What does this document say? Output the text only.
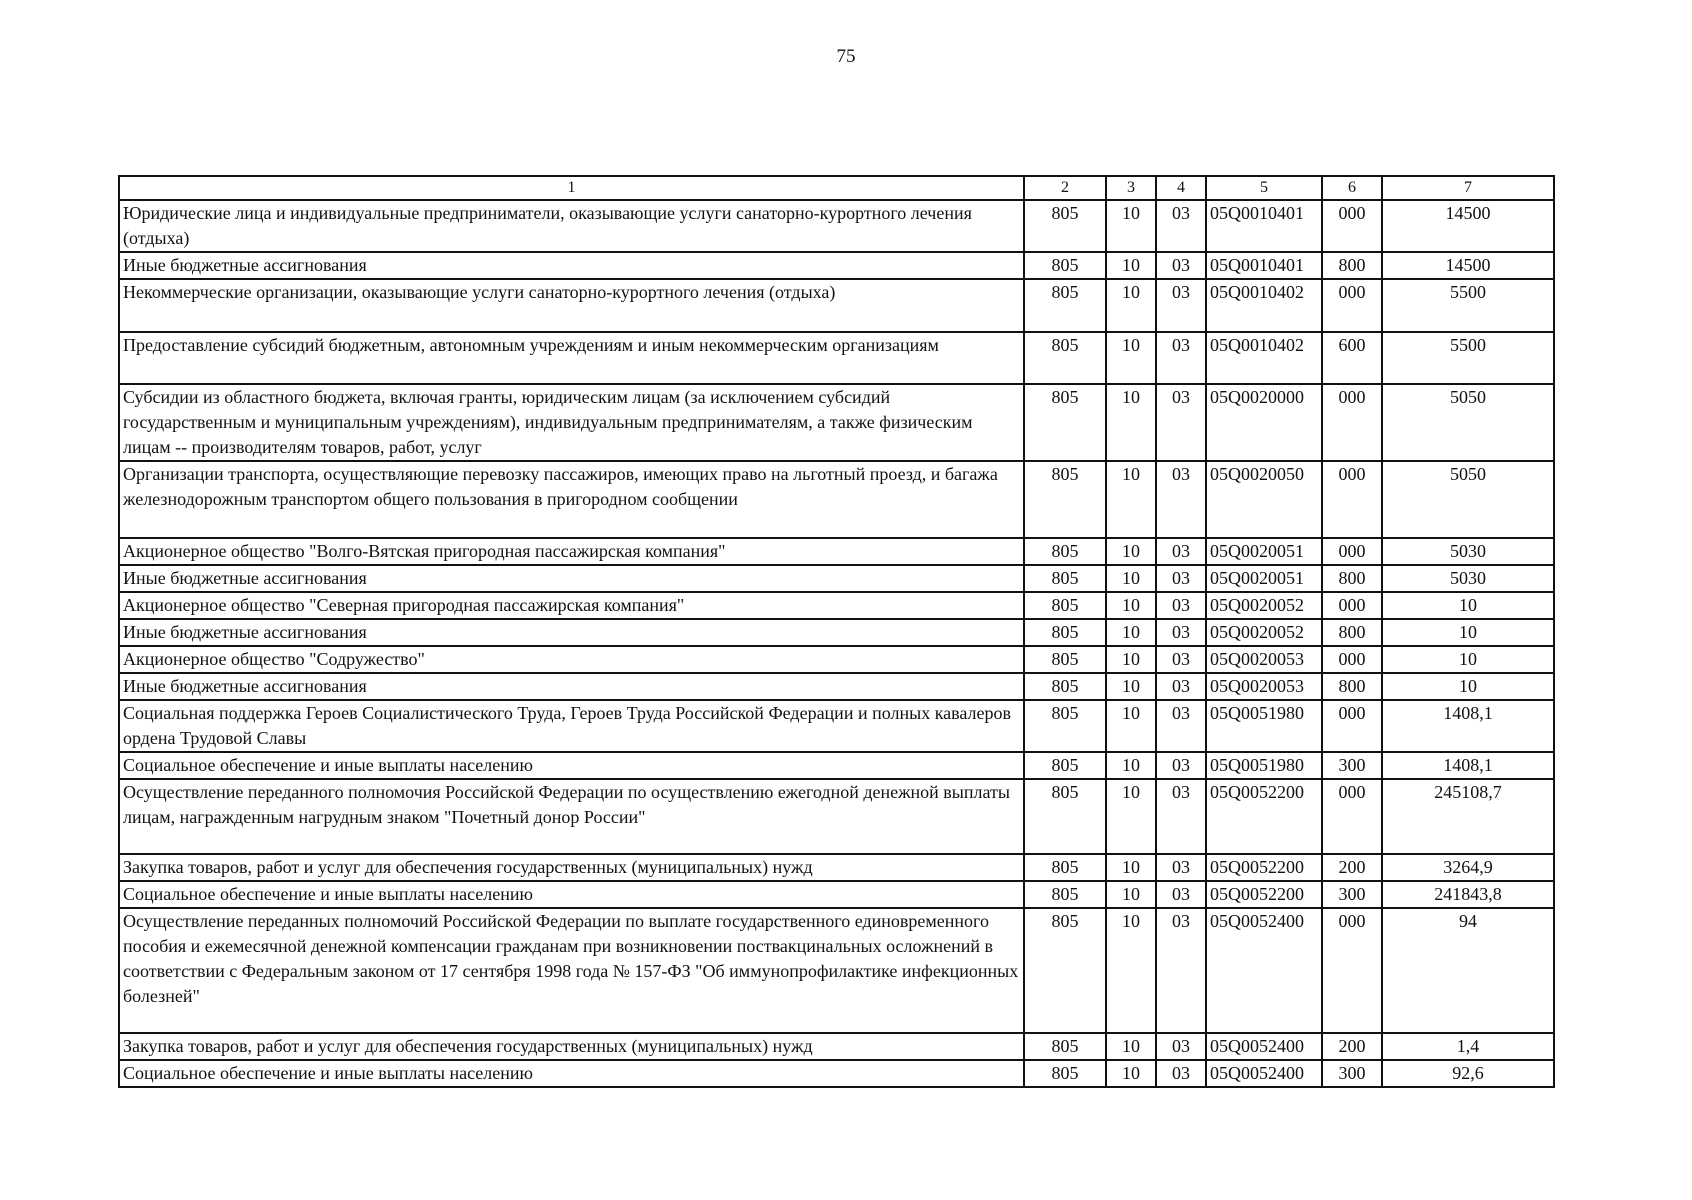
75
1	2	3	4	5	6	7
Юридические лица и индивидуальные предприниматели, оказывающие услуги санаторно-курортного лечения (отдыха)	805	10	03	05Q0010401	000	14500
Иные бюджетные ассигнования	805	10	03	05Q0010401	800	14500
Некоммерческие организации, оказывающие услуги санаторно-курортного лечения (отдыха)	805	10	03	05Q0010402	000	5500
Предоставление субсидий бюджетным, автономным учреждениям и иным некоммерческим организациям	805	10	03	05Q0010402	600	5500
Субсидии из областного бюджета, включая гранты, юридическим лицам (за исключением субсидий государственным и муниципальным учреждениям), индивидуальным предпринимателям, а также физическим лицам -- производителям товаров, работ, услуг	805	10	03	05Q0020000	000	5050
Организации транспорта, осуществляющие перевозку пассажиров, имеющих право на льготный проезд, и багажа железнодорожным транспортом общего пользования в пригородном сообщении	805	10	03	05Q0020050	000	5050
Акционерное общество "Волго-Вятская пригородная пассажирская компания"	805	10	03	05Q0020051	000	5030
Иные бюджетные ассигнования	805	10	03	05Q0020051	800	5030
Акционерное общество "Северная пригородная пассажирская компания"	805	10	03	05Q0020052	000	10
Иные бюджетные ассигнования	805	10	03	05Q0020052	800	10
Акционерное общество "Содружество"	805	10	03	05Q0020053	000	10
Иные бюджетные ассигнования	805	10	03	05Q0020053	800	10
Социальная поддержка Героев Социалистического Труда, Героев Труда Российской Федерации и полных кавалеров ордена Трудовой Славы	805	10	03	05Q0051980	000	1408,1
Социальное обеспечение и иные выплаты населению	805	10	03	05Q0051980	300	1408,1
Осуществление переданного полномочия Российской Федерации по осуществлению ежегодной денежной выплаты лицам, награжденным нагрудным знаком "Почетный донор России"	805	10	03	05Q0052200	000	245108,7
Закупка товаров, работ и услуг для обеспечения государственных (муниципальных) нужд	805	10	03	05Q0052200	200	3264,9
Социальное обеспечение и иные выплаты населению	805	10	03	05Q0052200	300	241843,8
Осуществление переданных полномочий Российской Федерации по выплате государственного единовременного пособия и ежемесячной денежной компенсации гражданам при возникновении поствакцинальных осложнений в соответствии с Федеральным законом от 17 сентября 1998 года № 157-ФЗ "Об иммунопрофилактике инфекционных болезней"	805	10	03	05Q0052400	000	94
Закупка товаров, работ и услуг для обеспечения государственных (муниципальных) нужд	805	10	03	05Q0052400	200	1,4
Социальное обеспечение и иные выплаты населению	805	10	03	05Q0052400	300	92,6
